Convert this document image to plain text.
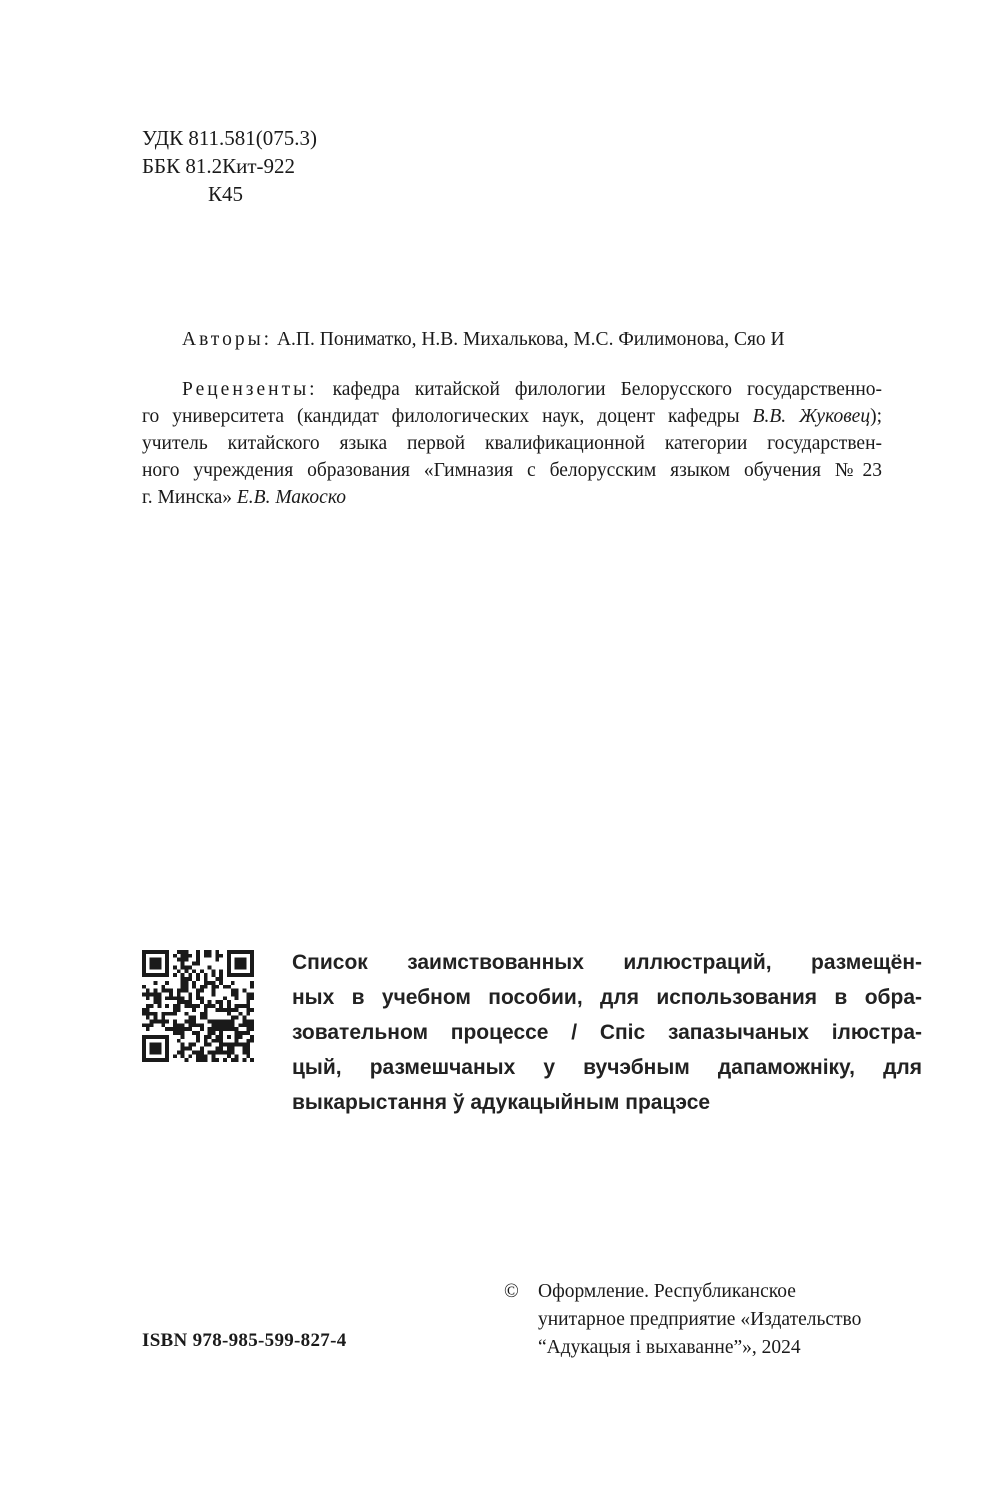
УДК 811.581(075.3)
ББК 81.2Кит-922
К45
Авторы: А.П. Пониматко, Н.В. Михалькова, М.С. Филимонова, Сяо И
Рецензенты: кафедра китайской филологии Белорусского государственно-
го университета (кандидат филологических наук, доцент кафедры В.В. Жуковец);
учитель китайского языка первой квалификационной категории государствен-
ного учреждения образования «Гимназия с белорусским языком обучения №23
г. Минска» Е.В. Макоско
Список заимствованных иллюстраций, размещён-
ных в учебном пособии, для использования в обра-
зовательном процессе / Спіс запазычаных ілюстра-
цый, размешчаных у вучэбным дапаможніку, для
выкарыстання ў адукацыйным працэсе
ISBN 978-985-599-827-4
© Оформление. Республиканское
унитарное предприятие «Издательство
“Адукацыя і выхаванне”», 2024
